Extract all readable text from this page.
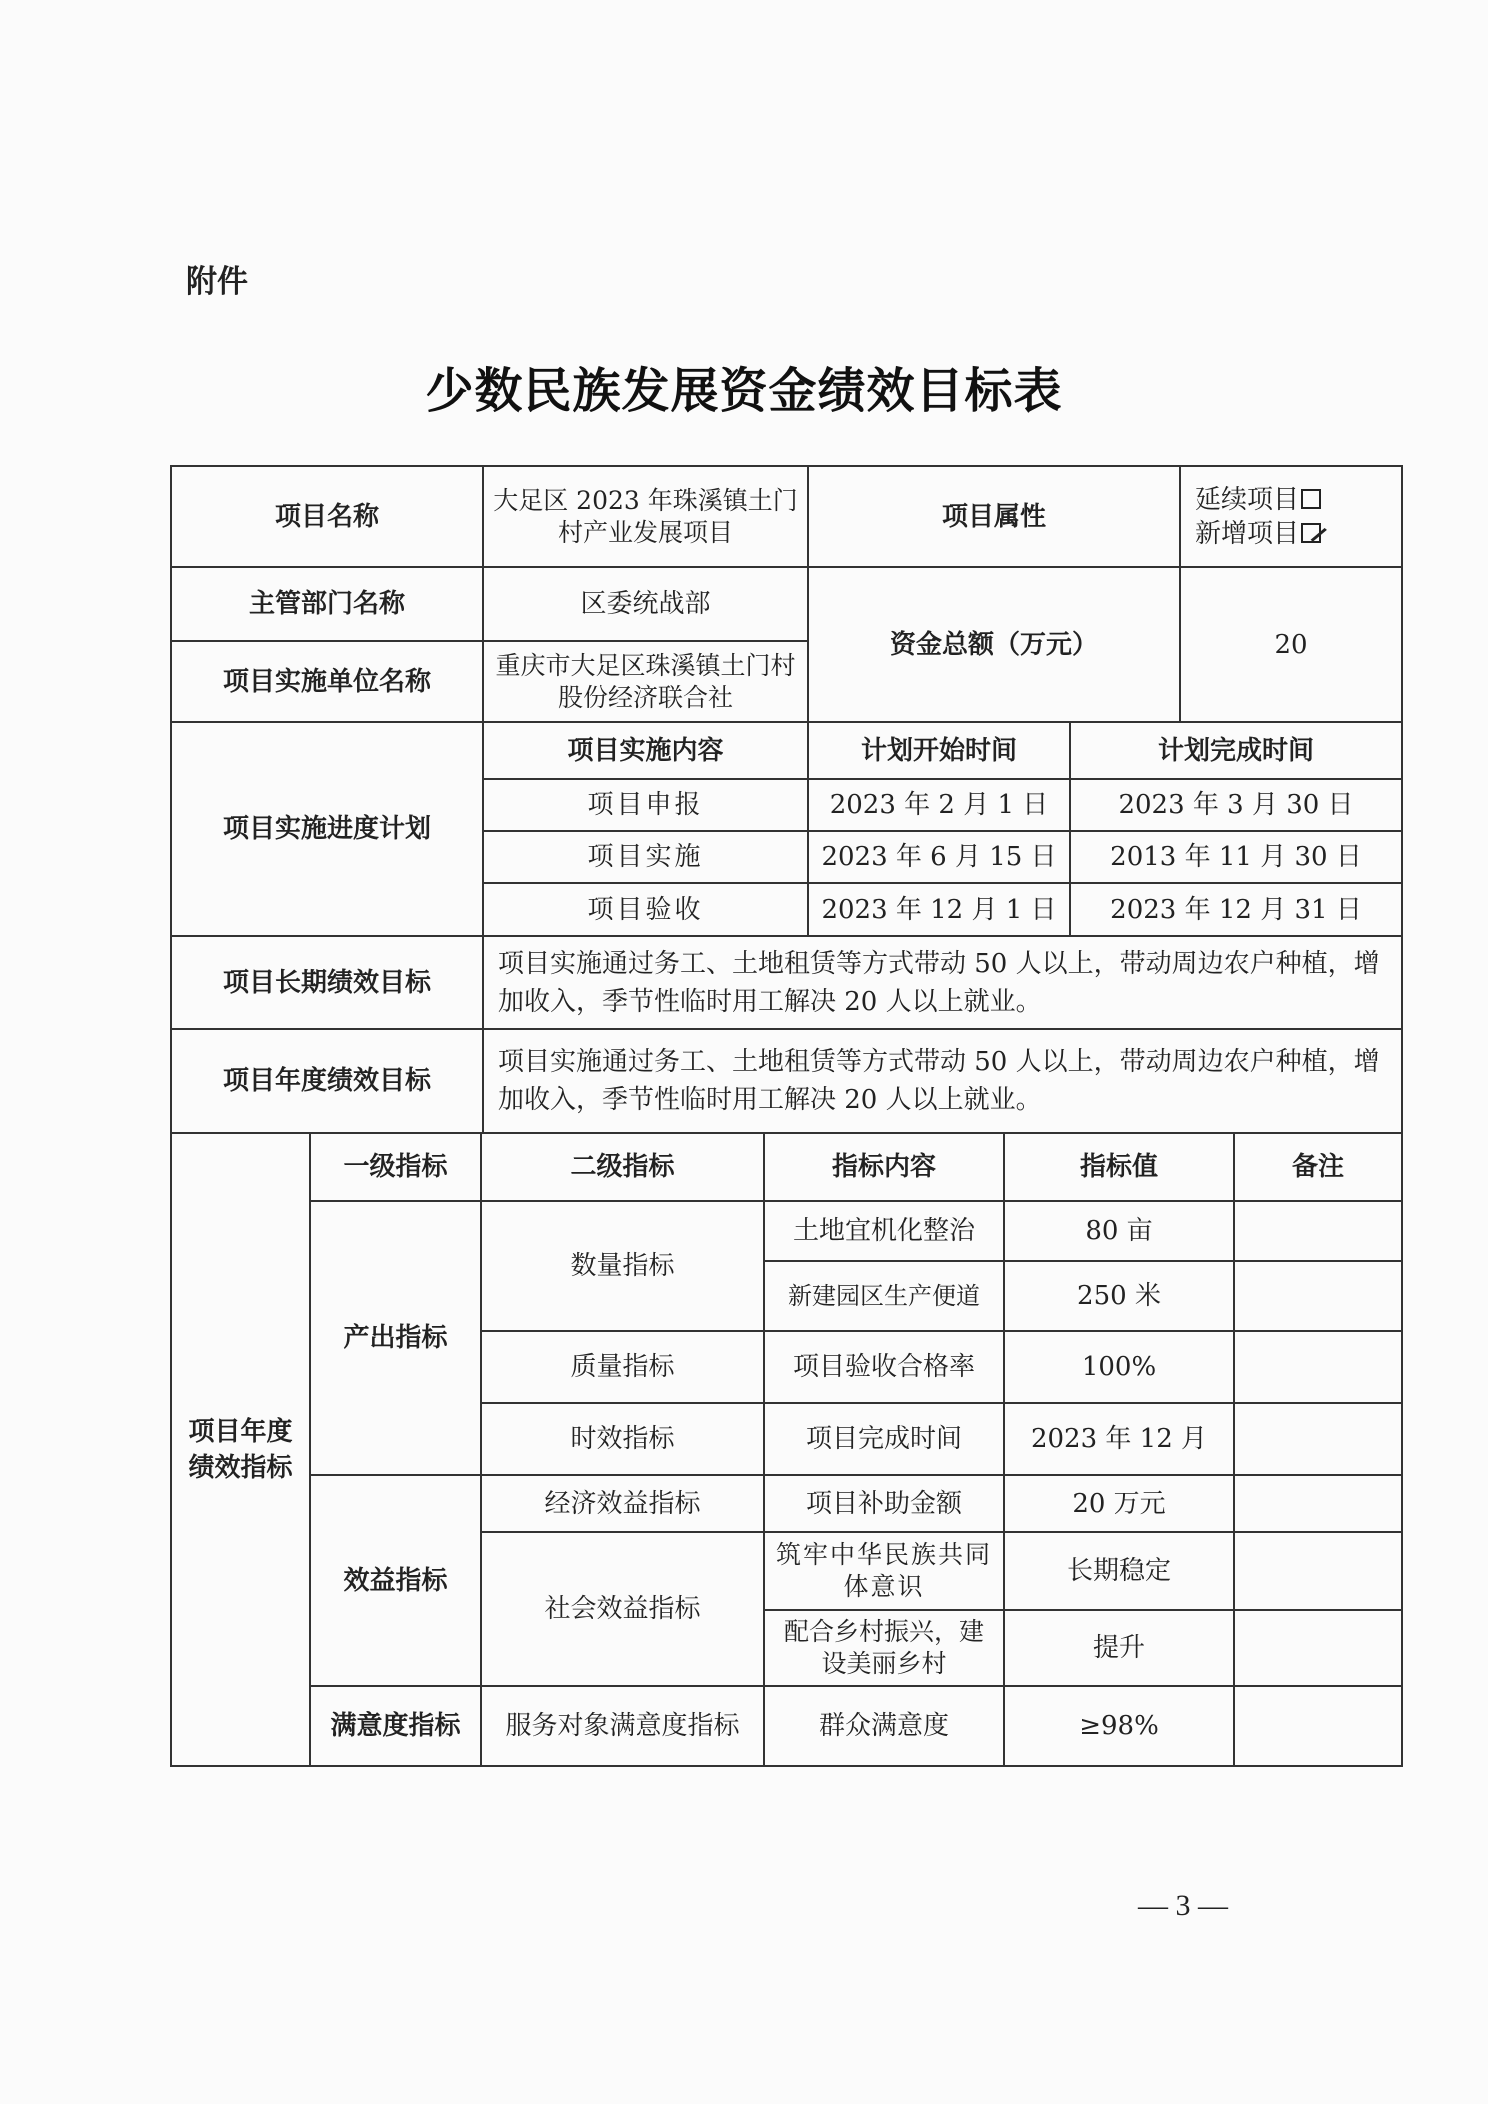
附件
少数民族发展资金绩效目标表
项目名称	大足区 2023 年珠溪镇土门村产业发展项目	项目属性		延续项目
新增项目

主管部门名称	区委统战部	资金总额（万元）		20
项目实施单位名称	重庆市大足区珠溪镇土门村股份经济联合社			
项目实施进度计划	项目实施内容	计划开始时间	计划完成时间	
	项目申报	2023 年 2 月 1 日	2023 年 3 月 30 日	
	项目实施	2023 年 6 月 15 日	2013 年 11 月 30 日	
	项目验收	2023 年 12 月 1 日	2023 年 12 月 31 日	
项目长期绩效目标	项目实施通过务工、土地租赁等方式带动 50 人以上，带动周边农户种植，增加收入，季节性临时用工解决 20 人以上就业。			
项目年度绩效目标	项目实施通过务工、土地租赁等方式带动 50 人以上，带动周边农户种植，增加收入，季节性临时用工解决 20 人以上就业。			
项目年度绩效指标	一级指标	二级指标	指标内容	指标值	备注
	产出指标	数量指标	土地宜机化整治	80 亩	
			新建园区生产便道	250 米	
		质量指标	项目验收合格率	100%	
		时效指标	项目完成时间	2023 年 12 月	
	效益指标	经济效益指标	项目补助金额	20 万元	
		社会效益指标	筑牢中华民族共同体意识	长期稳定	
			配合乡村振兴，建设美丽乡村	提升	
	满意度指标	服务对象满意度指标	群众满意度	≥98%	
— 3 —
